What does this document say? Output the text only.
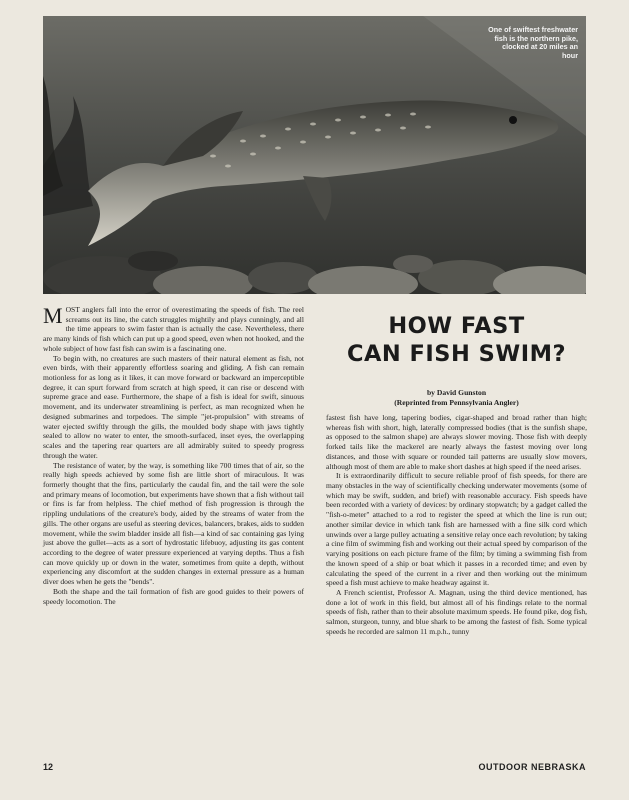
One of swiftest freshwater fish is the northern pike, clocked at 20 miles an hour

MOST anglers fall into the error of overestimating the speeds of fish. The reel screams out its line, the catch struggles mightily and plays cunningly, and all the time appears to swim faster than is actually the case. Nevertheless, there are many kinds of fish which can put up a good speed, even when not hooked, and the whole subject of how fast fish can swim is a fascinating one.

To begin with, no creatures are such masters of their natural element as fish, not even birds, with their apparently effortless soaring and gliding. A fish can remain motionless for as long as it likes, it can move forward or backward an imperceptible degree, it can spurt forward from scratch at high speed, it can rise or descend with supreme grace and ease. Furthermore, the shape of a fish is ideal for swift, sinuous movement, and its underwater streamlining is perfect, as man recognized when he designed submarines and torpedoes. The simple "jet-propulsion" with streams of water ejected swiftly through the gills, the moulded body shape with jaws tightly sealed to allow no water to enter, the smooth-surfaced, inset eyes, the overlapping scales and the tapering rear quarters are all admirably suited to speedy progress through the water.

The resistance of water, by the way, is something like 700 times that of air, so the really high speeds achieved by some fish are little short of miraculous. It was formerly thought that the fins, particularly the caudal fin, and the tail were the sole and primary means of locomotion, but experiments have shown that a fish without tail or fins is far from helpless. The chief method of fish progression is through the rippling undulations of the creature's body, aided by the streams of water from the gills. The other organs are useful as steering devices, balancers, brakes, aids to sudden movement, while the swim bladder inside all fish—a kind of sac containing gas lying just above the gullet—acts as a sort of hydrostatic lifebuoy, adjusting its gas content according to the degree of water pressure experienced at varying depths. Thus a fish can move quickly up or down in the water, sometimes from quite a depth, without experiencing any discomfort at the sudden changes in external pressure as a human diver does when he gets the "bends".

Both the shape and the tail formation of fish are good guides to their powers of speedy locomotion. The

HOW FAST
CAN FISH SWIM?
by David Gunston
(Reprinted from Pennsylvania Angler)

fastest fish have long, tapering bodies, cigar-shaped and broad rather than high; whereas fish with short, high, laterally compressed bodies (that is the sunfish shape, as opposed to the salmon shape) are always slower moving. Those fish with deeply forked tails like the mackerel are nearly always the fastest moving over long distances, and those with square or rounded tail patterns are usually slow movers, although most of them are able to make short dashes at high speed if the need arises.

It is extraordinarily difficult to secure reliable proof of fish speeds, for there are many obstacles in the way of scientifically checking underwater movements (some of which may be swift, sudden, and brief) with reasonable accuracy. Fish speeds have been recorded with a variety of devices: by ordinary stopwatch; by a gadget called the "fish-o-meter" attached to a rod to register the speed at which the line is run out; another similar device in which tank fish are harnessed with a fine silk cord which unwinds over a large pulley actuating a sensitive relay once each revolution; by taking a cine film of swimming fish and working out their actual speed by comparison of the varying positions on each picture frame of the film; by timing a swimming fish from the known speed of a ship or boat which it passes in a recorded time; and even by calculating the speed of the current in a river and then working out the minimum speed a fish must achieve to make headway against it.

A French scientist, Professor A. Magnan, using the third device mentioned, has done a lot of work in this field, but almost all of his findings relate to the normal speeds of fish, rather than to their absolute maximum speeds. He found pike, dog fish, salmon, sturgeon, tunny, and blue shark to be among the fastest of fish. Some typical speeds he recorded are salmon 11 m.p.h., tunny

12	OUTDOOR NEBRASKA
